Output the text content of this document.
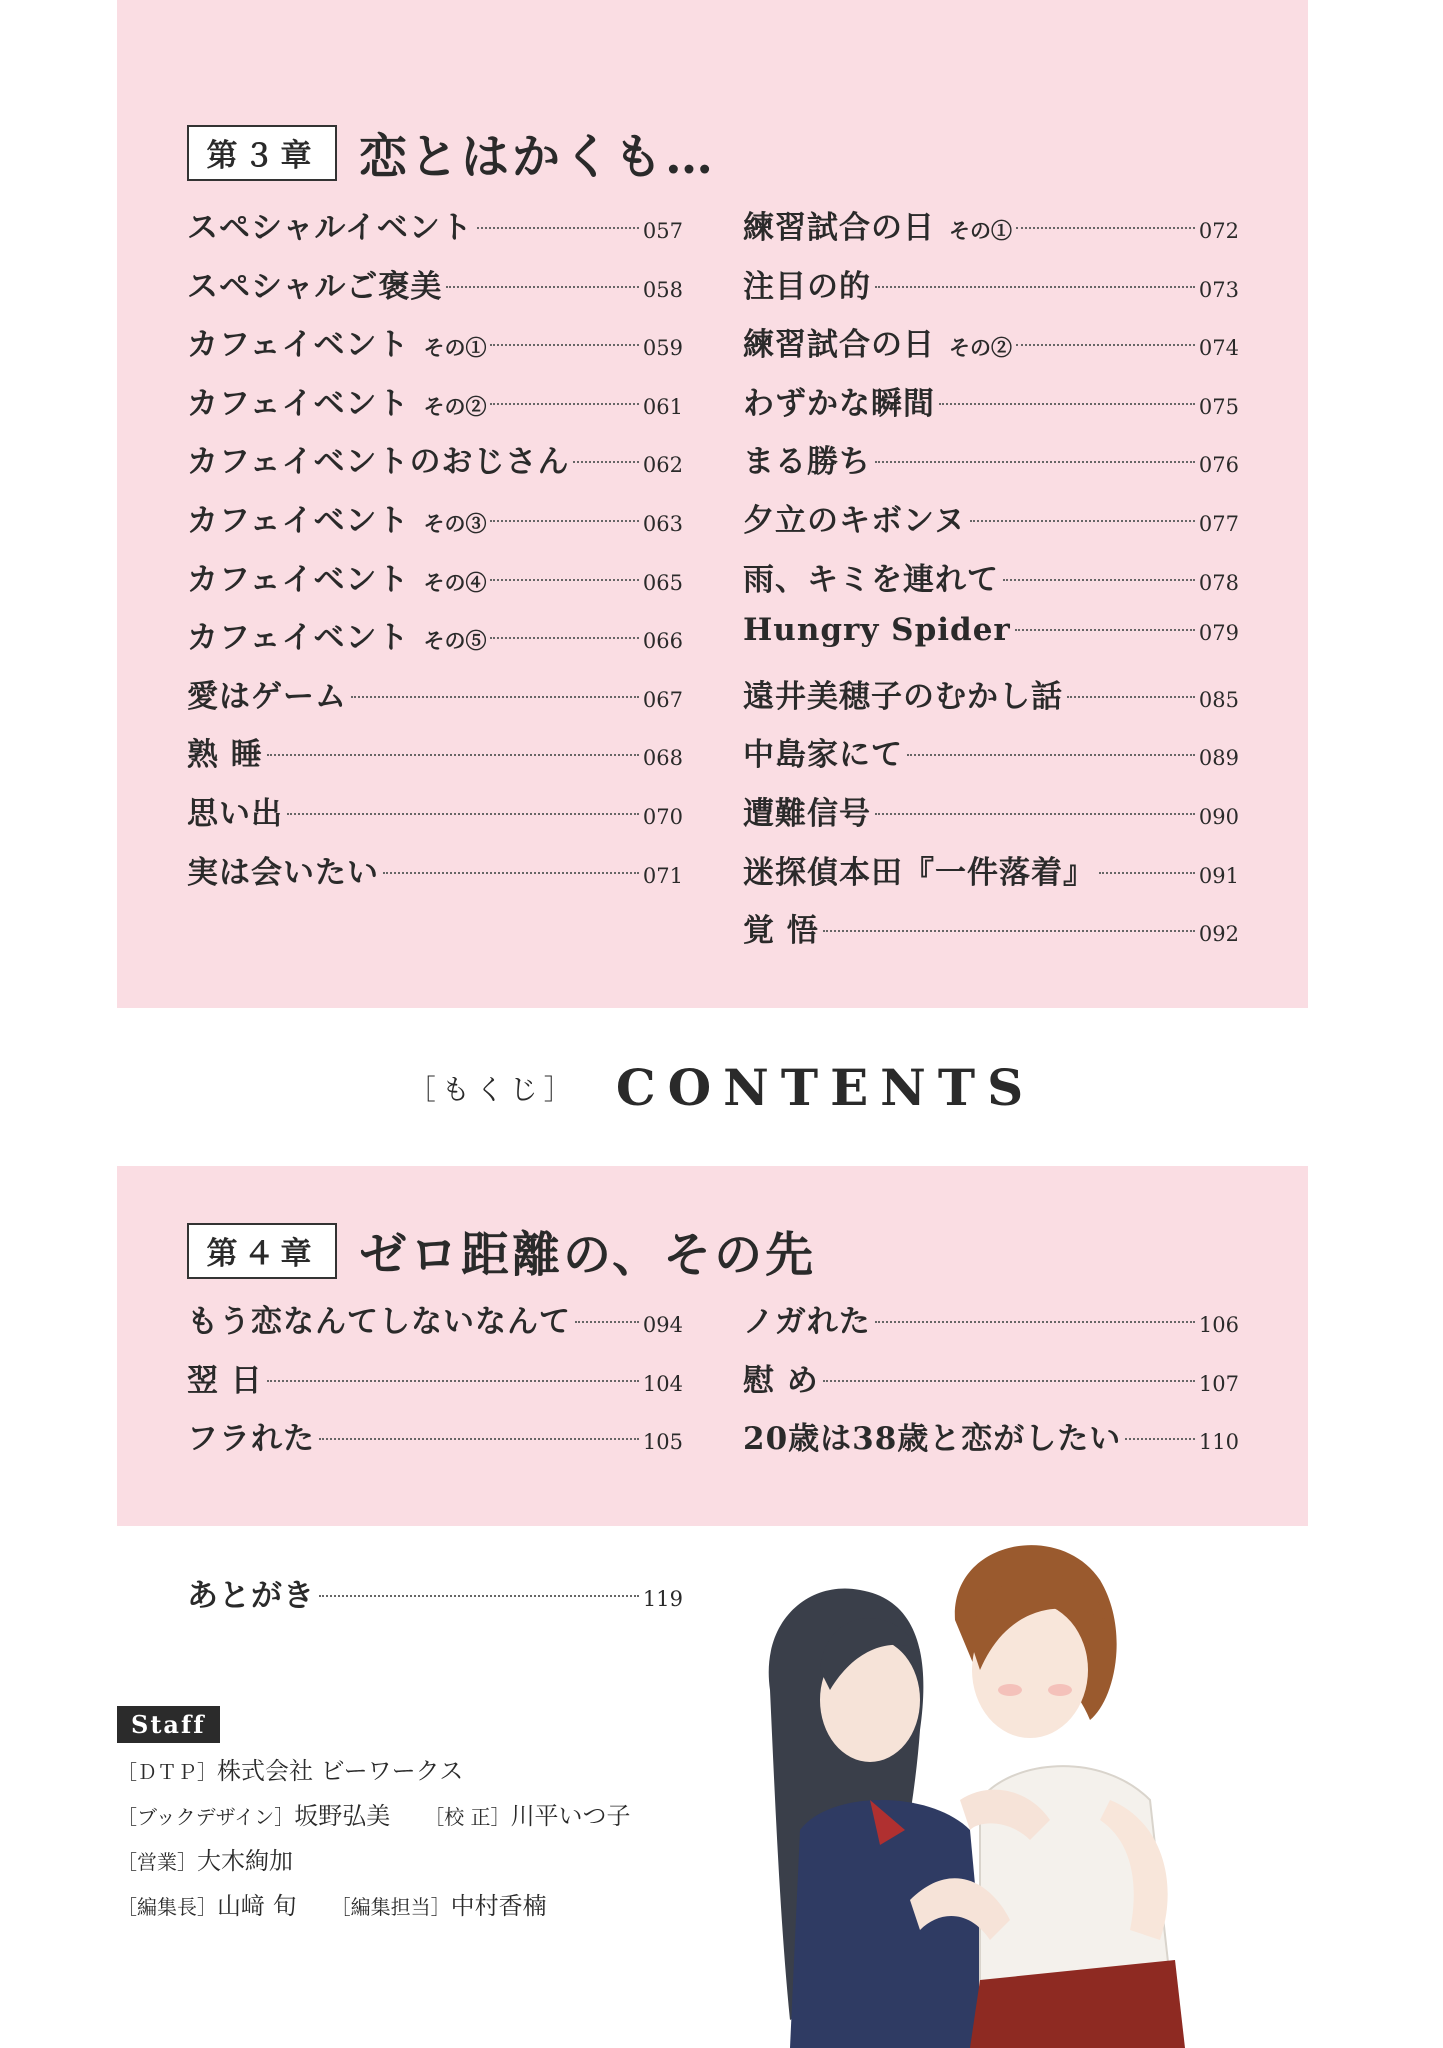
第３章 恋とはかくも…
スペシャルイベント	057
スペシャルご褒美	058
カフェイベント その①	059
カフェイベント その②	061
カフェイベントのおじさん	062
カフェイベント その③	063
カフェイベント その④	065
カフェイベント その⑤	066
愛はゲーム	067
熟 睡	068
思い出	070
実は会いたい	071
練習試合の日 その①	072
注目の的	073
練習試合の日 その②	074
わずかな瞬間	075
まる勝ち	076
夕立のキボンヌ	077
雨、キミを連れて	078
Hungry Spider	079
遠井美穂子のむかし話	085
中島家にて	089
遭難信号	090
迷探偵本田『一件落着』	091
覚 悟	092
［もくじ］ CONTENTS
第４章 ゼロ距離の、その先
もう恋なんてしないなんて	094
翌 日	104
フラれた	105
ノガれた	106
慰 め	107
20歳は38歳と恋がしたい	110
あとがき	119
Staff
［ＤＴＰ］株式会社 ビーワークス
［ブックデザイン］坂野弘美 ［校 正］川平いつ子
［営業］大木絢加
［編集長］山﨑 旬 ［編集担当］中村香楠
